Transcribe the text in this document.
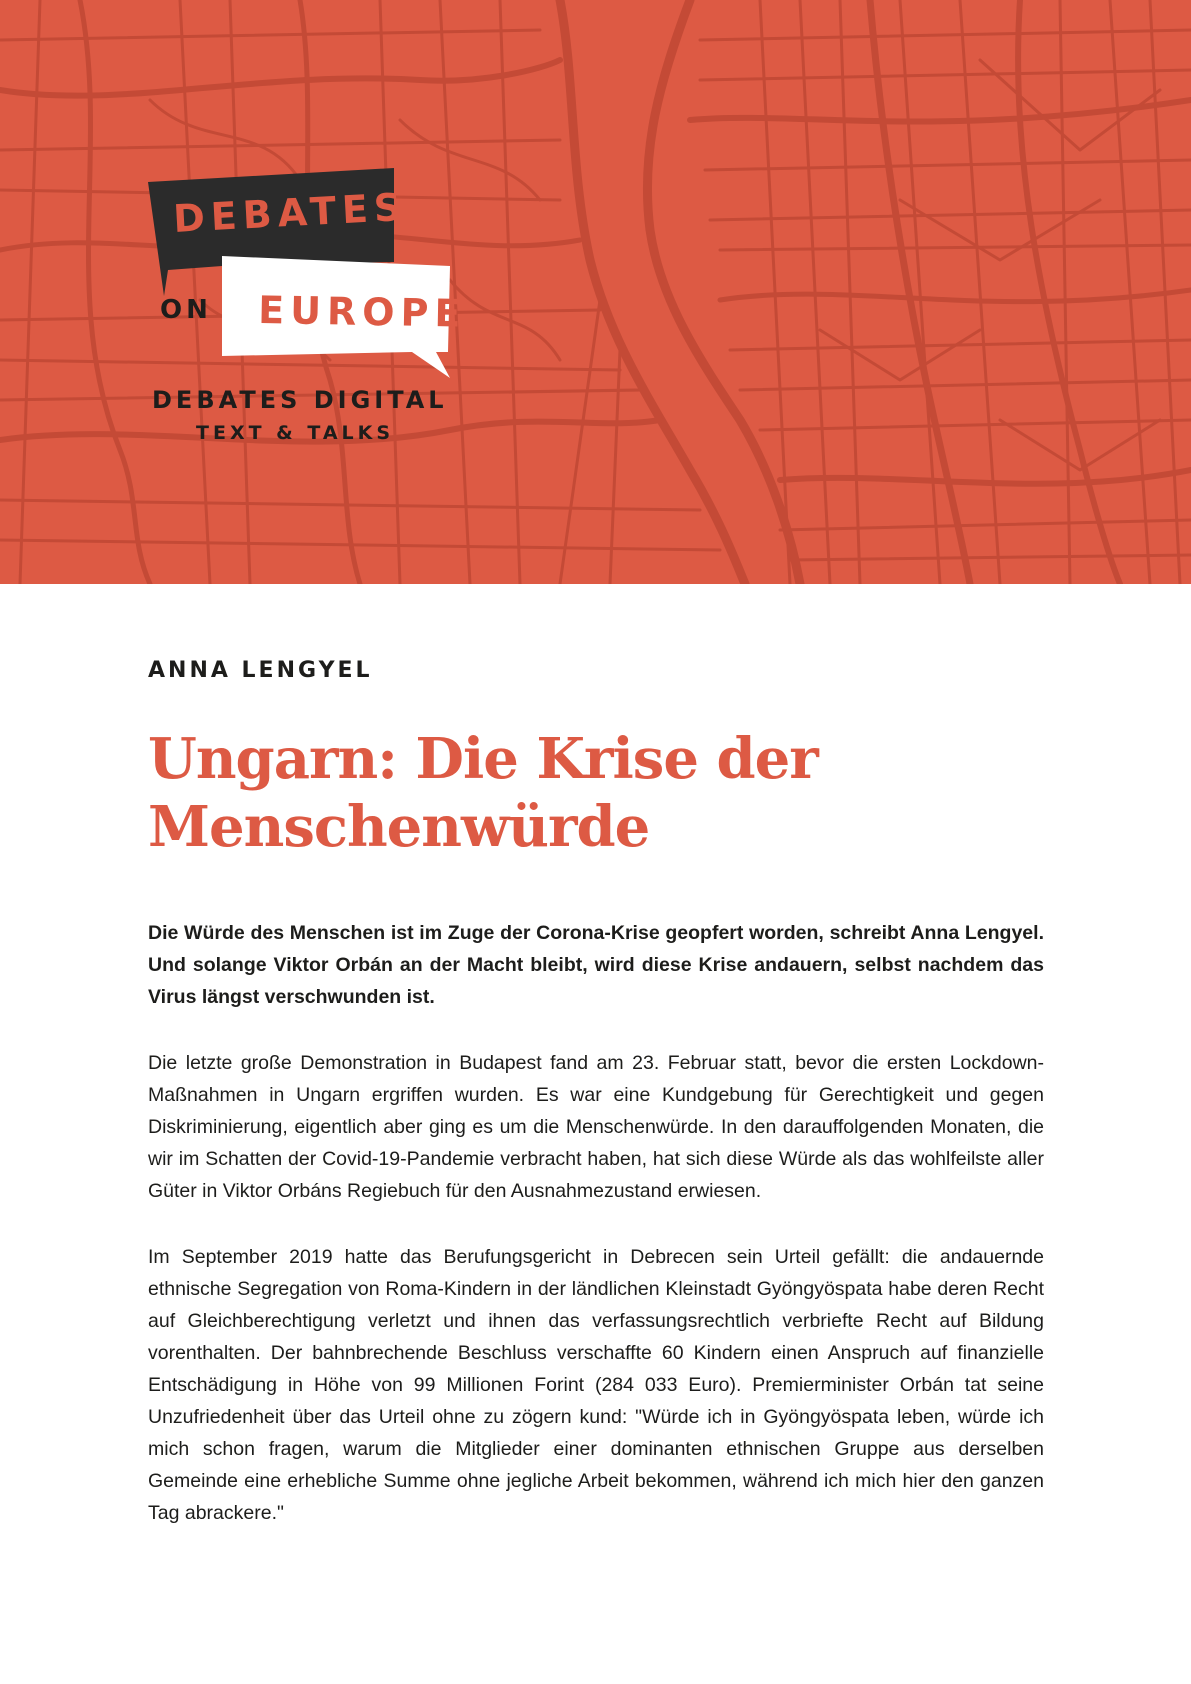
DEBATES
ON EUROPE
DEBATES DIGITAL
TEXT & TALKS
ANNA LENGYEL
Ungarn: Die Krise der Menschenwürde

Die Würde des Menschen ist im Zuge der Corona-Krise geopfert worden, schreibt Anna Lengyel. Und solange Viktor Orbán an der Macht bleibt, wird diese Krise andauern, selbst nachdem das Virus längst verschwunden ist.

Die letzte große Demonstration in Budapest fand am 23. Februar statt, bevor die ersten Lockdown-Maßnahmen in Ungarn ergriffen wurden. Es war eine Kundgebung für Gerechtigkeit und gegen Diskriminierung, eigentlich aber ging es um die Menschenwürde. In den darauffolgenden Monaten, die wir im Schatten der Covid-19-Pandemie verbracht haben, hat sich diese Würde als das wohlfeilste aller Güter in Viktor Orbáns Regiebuch für den Ausnahmezustand erwiesen.

Im September 2019 hatte das Berufungsgericht in Debrecen sein Urteil gefällt: die andauernde ethnische Segregation von Roma-Kindern in der ländlichen Kleinstadt Gyöngyöspata habe deren Recht auf Gleichberechtigung verletzt und ihnen das verfassungsrechtlich verbriefte Recht auf Bildung vorenthalten. Der bahnbrechende Beschluss verschaffte 60 Kindern einen Anspruch auf finanzielle Entschädigung in Höhe von 99 Millionen Forint (284 033 Euro). Premierminister Orbán tat seine Unzufriedenheit über das Urteil ohne zu zögern kund: "Würde ich in Gyöngyöspata leben, würde ich mich schon fragen, warum die Mitglieder einer dominanten ethnischen Gruppe aus derselben Gemeinde eine erhebliche Summe ohne jegliche Arbeit bekommen, während ich mich hier den ganzen Tag abrackere."
